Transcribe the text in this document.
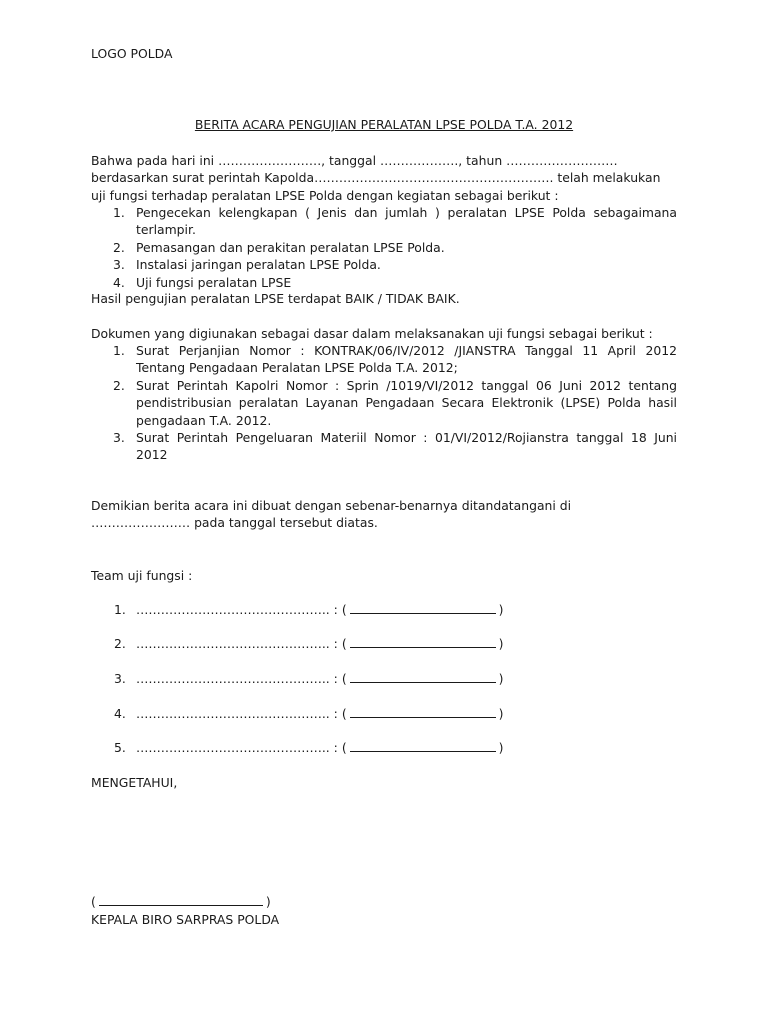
LOGO POLDA
BERITA ACARA PENGUJIAN PERALATAN LPSE POLDA T.A. 2012
Bahwa pada hari ini ……………………., tanggal ………………., tahun ………………………
berdasarkan surat perintah Kapolda…………………………………………………. telah melakukan
uji fungsi terhadap peralatan LPSE Polda dengan kegiatan sebagai berikut :
1. Pengecekan kelengkapan ( Jenis dan jumlah ) peralatan LPSE Polda sebagaimana terlampir.
2. Pemasangan dan perakitan peralatan LPSE Polda.
3. Instalasi jaringan peralatan LPSE Polda.
4. Uji fungsi peralatan LPSE
Hasil pengujian peralatan LPSE terdapat BAIK / TIDAK BAIK.
Dokumen yang digiunakan sebagai dasar dalam melaksanakan uji fungsi sebagai berikut :
1. Surat Perjanjian Nomor : KONTRAK/06/IV/2012 /JIANSTRA Tanggal 11 April 2012 Tentang Pengadaan Peralatan LPSE Polda T.A. 2012;
2. Surat Perintah Kapolri Nomor : Sprin /1019/VI/2012 tanggal 06 Juni 2012 tentang pendistribusian peralatan Layanan Pengadaan Secara Elektronik (LPSE) Polda hasil pengadaan T.A. 2012.
3. Surat Perintah Pengeluaran Materiil Nomor : 01/VI/2012/Rojianstra tanggal 18 Juni 2012
Demikian berita acara ini dibuat dengan sebenar-benarnya ditandatangani di
…………………… pada tanggal tersebut diatas.
Team uji fungsi :
1. ……………………………………….. : (	)
2. ……………………………………….. : (	)
3. ……………………………………….. : (	)
4. ……………………………………….. : (	)
5. ……………………………………….. : (	)
MENGETAHUI,
(	)
KEPALA BIRO SARPRAS POLDA
